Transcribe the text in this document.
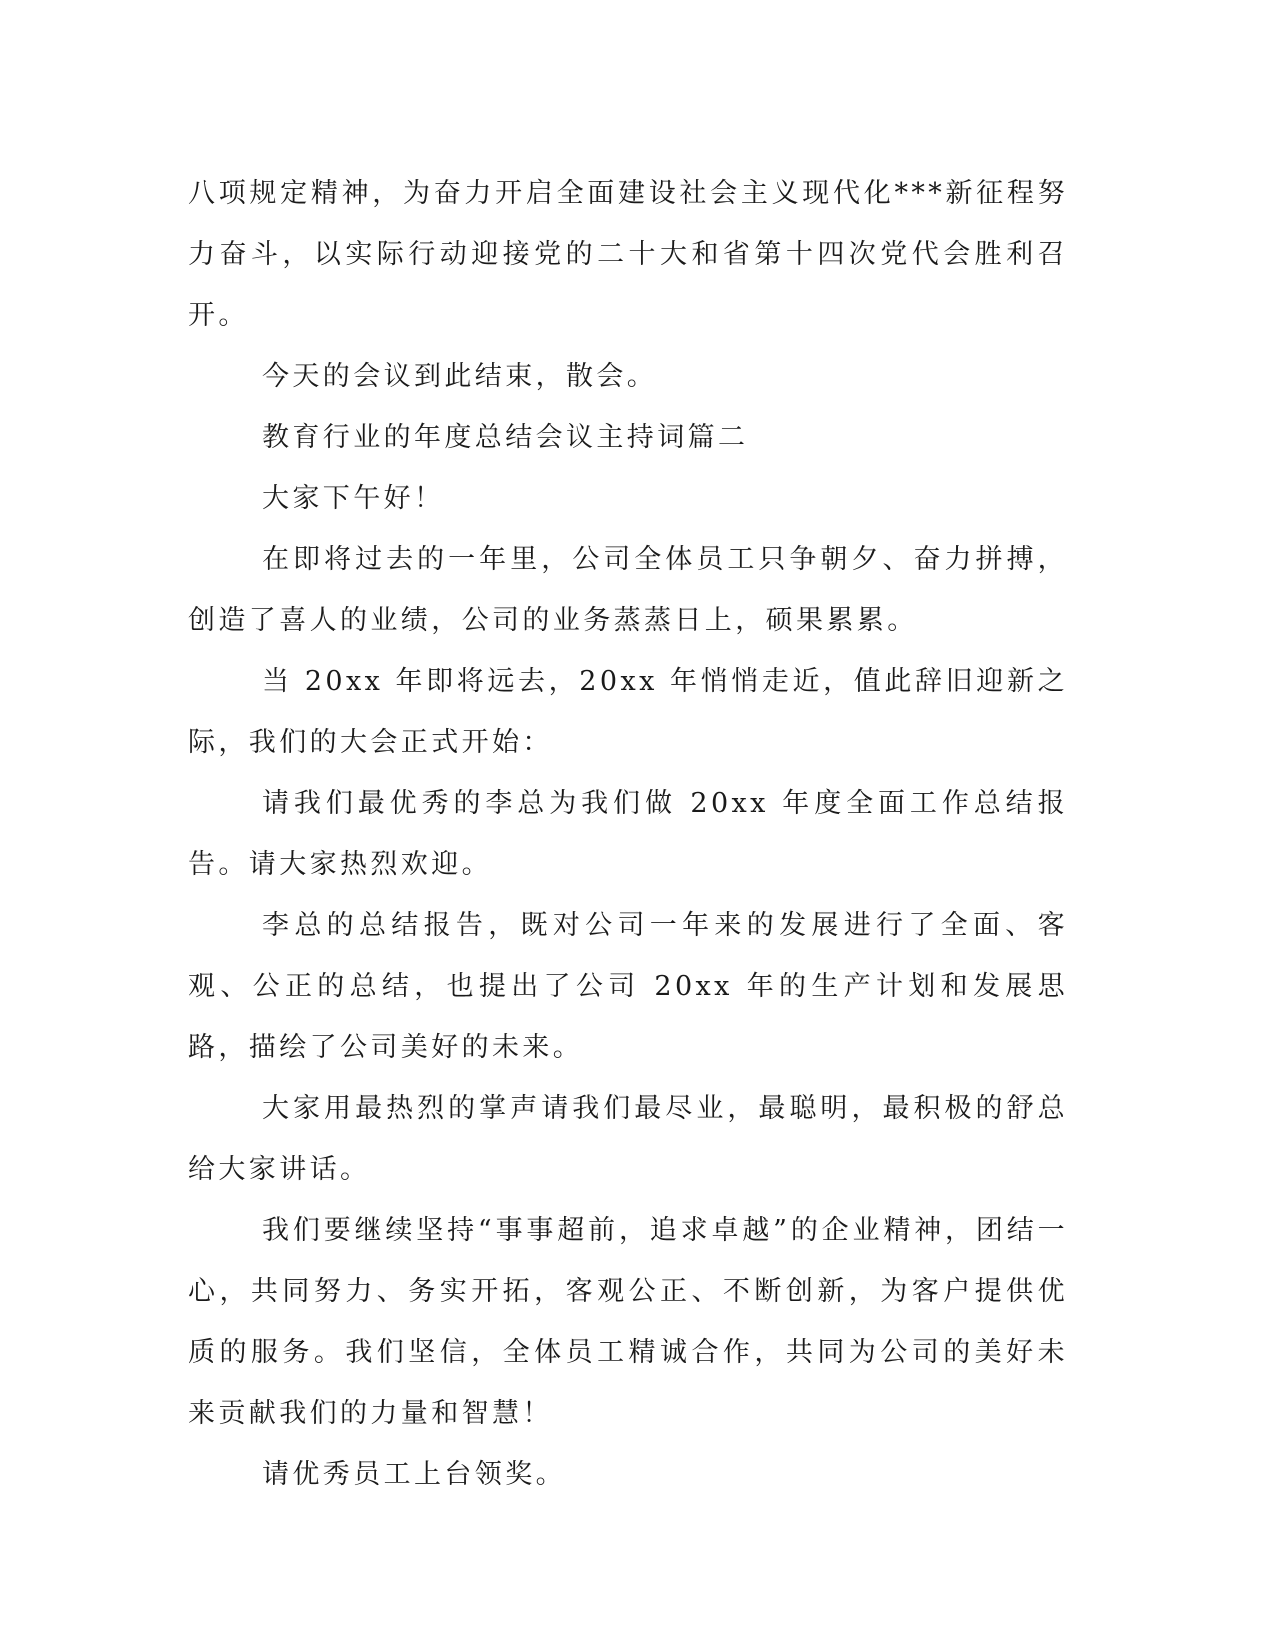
八项规定精神，为奋力开启全面建设社会主义现代化***新征程努力奋斗，以实际行动迎接党的二十大和省第十四次党代会胜利召开。

今天的会议到此结束，散会。

教育行业的年度总结会议主持词篇二

大家下午好！

在即将过去的一年里，公司全体员工只争朝夕、奋力拼搏，创造了喜人的业绩，公司的业务蒸蒸日上，硕果累累。

当 20xx 年即将远去，20xx 年悄悄走近，值此辞旧迎新之际，我们的大会正式开始：

请我们最优秀的李总为我们做 20xx 年度全面工作总结报告。请大家热烈欢迎。

李总的总结报告，既对公司一年来的发展进行了全面、客观、公正的总结，也提出了公司 20xx 年的生产计划和发展思路，描绘了公司美好的未来。

大家用最热烈的掌声请我们最尽业，最聪明，最积极的舒总给大家讲话。

我们要继续坚持“事事超前，追求卓越”的企业精神，团结一心，共同努力、务实开拓，客观公正、不断创新，为客户提供优质的服务。我们坚信，全体员工精诚合作，共同为公司的美好未来贡献我们的力量和智慧！

请优秀员工上台领奖。
